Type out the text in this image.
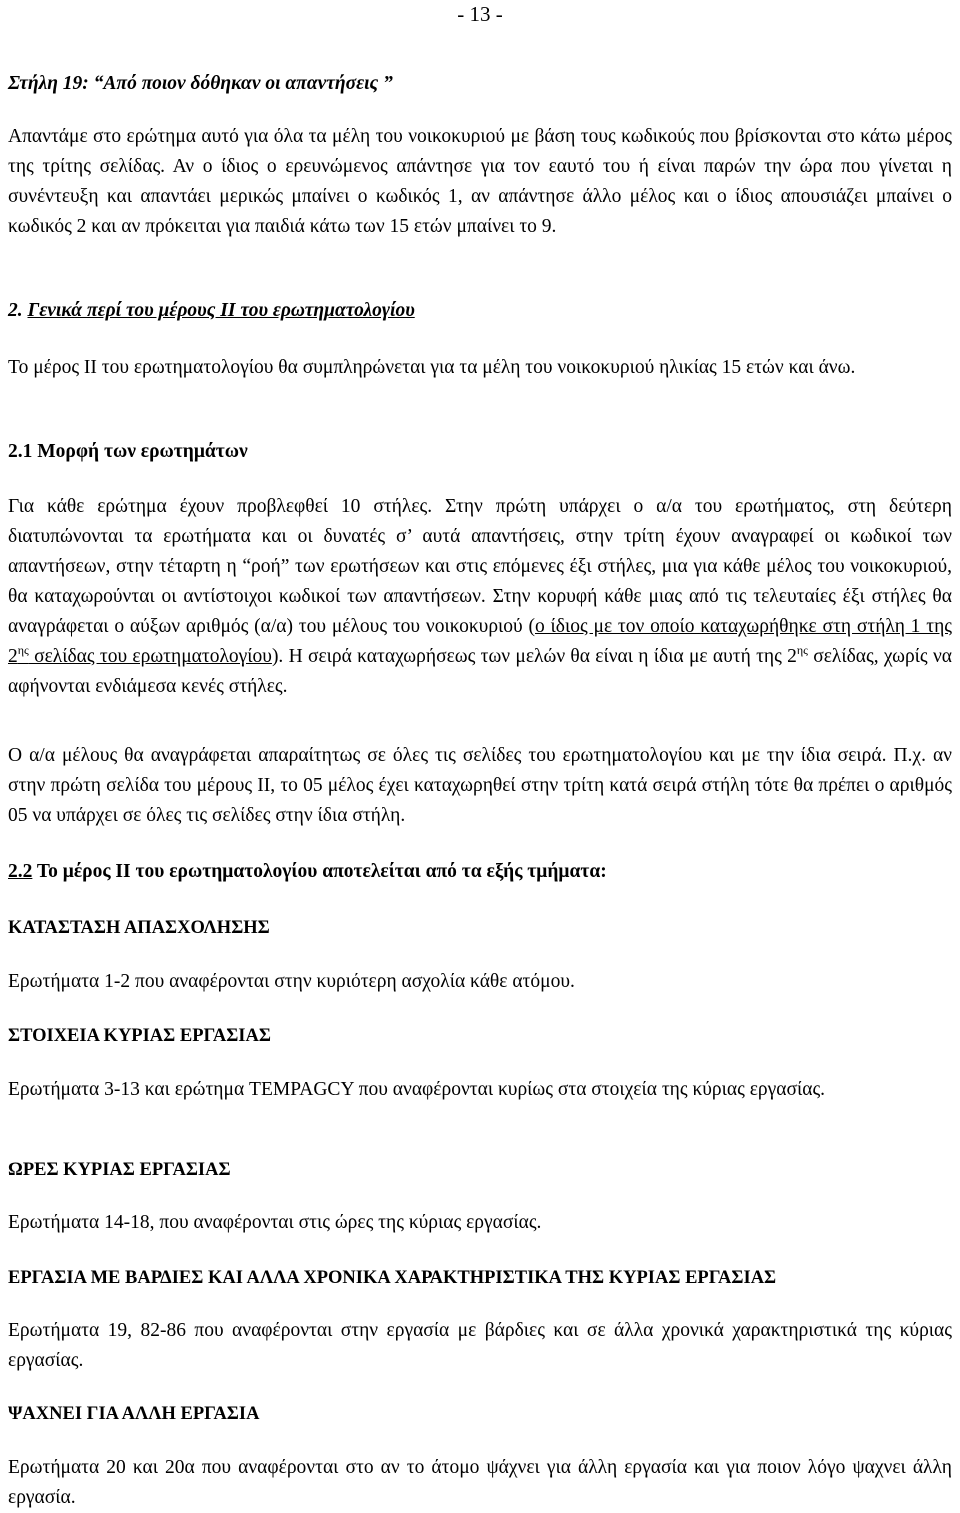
- 13 -

Στήλη 19: “Από ποιον δόθηκαν οι απαντήσεις ”

Απαντάμε στο ερώτημα αυτό για όλα τα μέλη του νοικοκυριού με βάση τους κωδικούς που βρίσκονται στο κάτω μέρος της τρίτης σελίδας. Αν ο ίδιος ο ερευνώμενος απάντησε για τον εαυτό του ή είναι παρών την ώρα που γίνεται η συνέντευξη και απαντάει μερικώς μπαίνει ο κωδικός 1, αν απάντησε άλλο μέλος και ο ίδιος απουσιάζει μπαίνει ο κωδικός 2 και αν πρόκειται για παιδιά κάτω των 15 ετών μπαίνει το 9.

2. Γενικά περί του μέρους ΙΙ του ερωτηματολογίου

Το μέρος ΙΙ του ερωτηματολογίου θα συμπληρώνεται για τα μέλη του νοικοκυριού ηλικίας 15 ετών και άνω.

2.1 Μορφή των ερωτημάτων

Για κάθε ερώτημα έχουν προβλεφθεί 10 στήλες. Στην πρώτη υπάρχει ο α/α του ερωτήματος, στη δεύτερη διατυπώνονται τα ερωτήματα και οι δυνατές σ’ αυτά απαντήσεις, στην τρίτη έχουν αναγραφεί οι κωδικοί των απαντήσεων, στην τέταρτη η “ροή” των ερωτήσεων και στις επόμενες έξι στήλες, μια για κάθε μέλος του νοικοκυριού, θα καταχωρούνται οι αντίστοιχοι κωδικοί των απαντήσεων. Στην κορυφή κάθε μιας από τις τελευταίες έξι στήλες θα αναγράφεται ο αύξων αριθμός (α/α) του μέλους του νοικοκυριού (ο ίδιος με τον οποίο καταχωρήθηκε στη στήλη 1 της $2^{\eta\varsigma}$ σελίδας του ερωτηματολογίου). Η σειρά καταχωρήσεως των μελών θα είναι η ίδια με αυτή της $2^{\eta\varsigma}$ σελίδας, χωρίς να αφήνονται ενδιάμεσα κενές στήλες.

Ο α/α μέλους θα αναγράφεται απαραίτητως σε όλες τις σελίδες του ερωτηματολογίου και με την ίδια σειρά. Π.χ. αν στην πρώτη σελίδα του μέρους ΙΙ, το 05 μέλος έχει καταχωρηθεί στην τρίτη κατά σειρά στήλη τότε θα πρέπει ο αριθμός 05 να υπάρχει σε όλες τις σελίδες στην ίδια στήλη.

2.2 Το μέρος ΙΙ του ερωτηματολογίου αποτελείται από τα εξής τμήματα:

ΚΑΤΑΣΤΑΣΗ ΑΠΑΣΧΟΛΗΣΗΣ

Ερωτήματα 1-2 που αναφέρονται στην κυριότερη ασχολία κάθε ατόμου.

ΣΤΟΙΧΕΙΑ ΚΥΡΙΑΣ ΕΡΓΑΣΙΑΣ

Ερωτήματα 3-13 και ερώτημα TEMPAGCY που αναφέρονται κυρίως στα στοιχεία της κύριας εργασίας.

ΩΡΕΣ ΚΥΡΙΑΣ ΕΡΓΑΣΙΑΣ

Ερωτήματα 14-18, που αναφέρονται στις ώρες της κύριας εργασίας.

ΕΡΓΑΣΙΑ ΜΕ ΒΑΡΔΙΕΣ ΚΑΙ ΑΛΛΑ ΧΡΟΝΙΚΑ ΧΑΡΑΚΤΗΡΙΣΤΙΚΑ ΤΗΣ ΚΥΡΙΑΣ ΕΡΓΑΣΙΑΣ

Ερωτήματα 19, 82-86 που αναφέρονται στην εργασία με βάρδιες και σε άλλα χρονικά χαρακτηριστικά της κύριας εργασίας.

ΨΑΧΝΕΙ ΓΙΑ ΑΛΛΗ ΕΡΓΑΣΙΑ

Ερωτήματα 20 και 20α που αναφέρονται στο αν το άτομο ψάχνει για άλλη εργασία και για ποιον λόγο ψαχνει άλλη εργασία.
